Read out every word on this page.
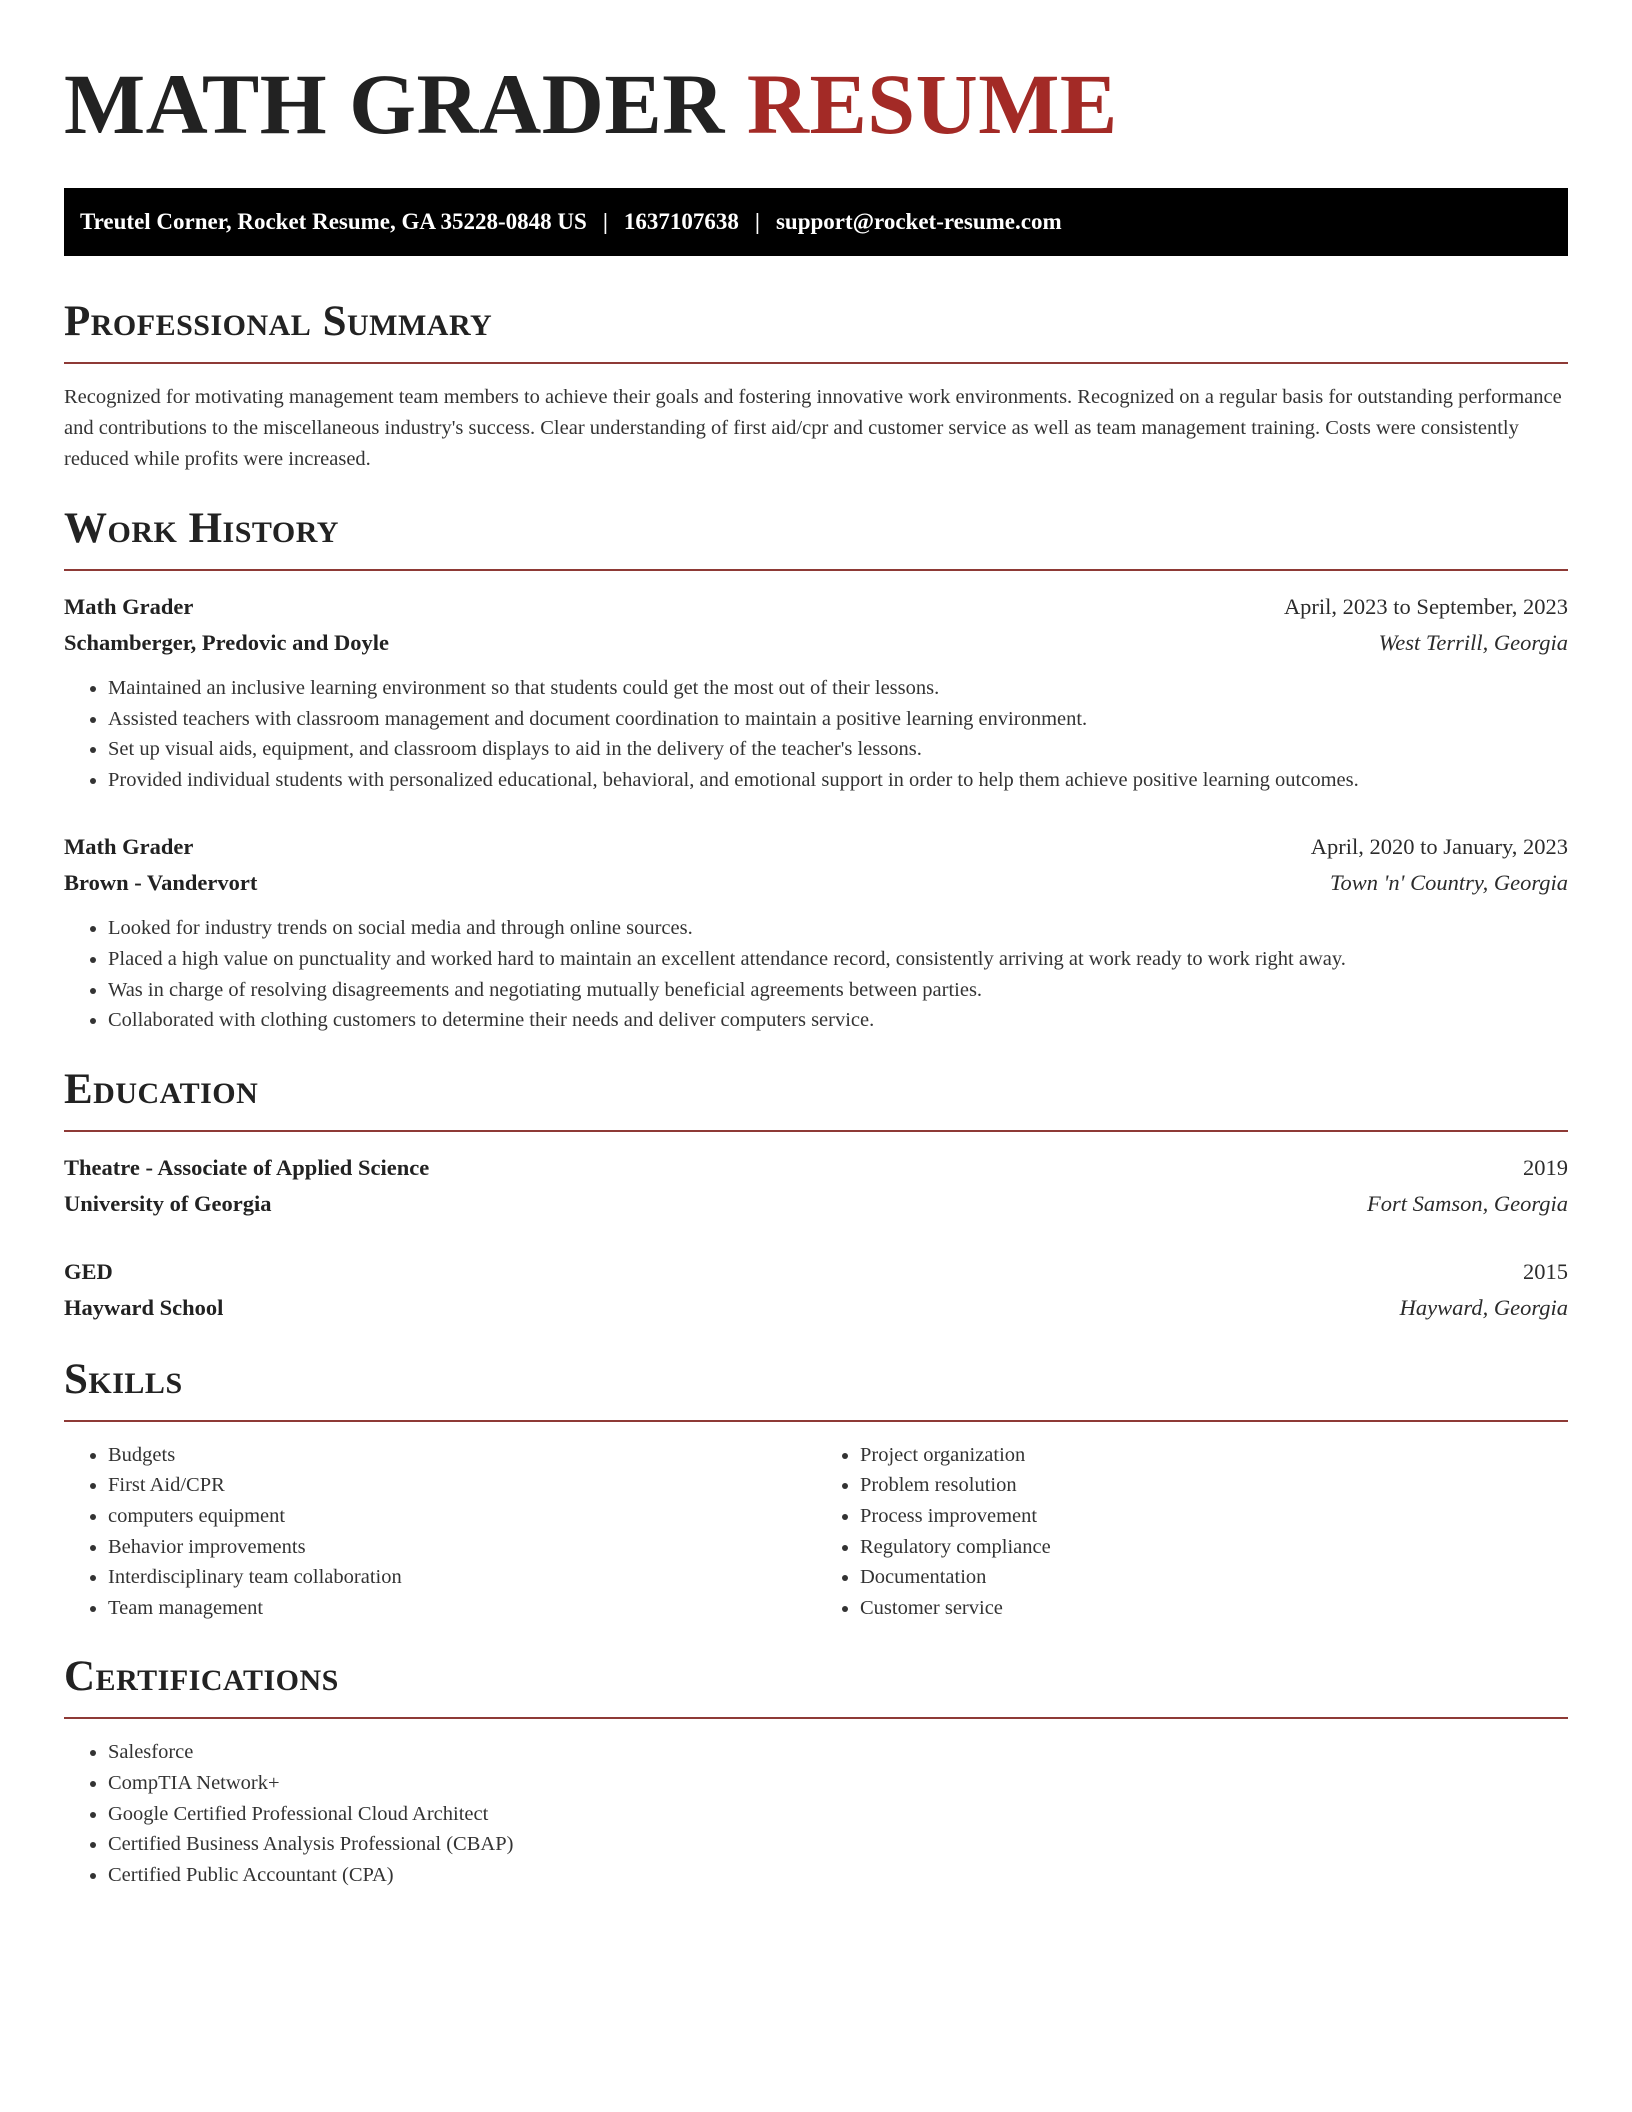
MATH GRADER RESUME
Treutel Corner, Rocket Resume, GA 35228-0848 US | 1637107638 | support@rocket-resume.com
Professional Summary

Recognized for motivating management team members to achieve their goals and fostering innovative work environments. Recognized on a regular basis for outstanding performance and contributions to the miscellaneous industry's success. Clear understanding of first aid/cpr and customer service as well as team management training. Costs were consistently reduced while profits were increased.

Work History
Math Grader	April, 2023 to September, 2023
Schamberger, Predovic and Doyle	West Terrill, Georgia
• Maintained an inclusive learning environment so that students could get the most out of their lessons.
• Assisted teachers with classroom management and document coordination to maintain a positive learning environment.
• Set up visual aids, equipment, and classroom displays to aid in the delivery of the teacher's lessons.
• Provided individual students with personalized educational, behavioral, and emotional support in order to help them achieve positive learning outcomes.
Math Grader	April, 2020 to January, 2023
Brown - Vandervort	Town 'n' Country, Georgia
• Looked for industry trends on social media and through online sources.
• Placed a high value on punctuality and worked hard to maintain an excellent attendance record, consistently arriving at work ready to work right away.
• Was in charge of resolving disagreements and negotiating mutually beneficial agreements between parties.
• Collaborated with clothing customers to determine their needs and deliver computers service.
Education
Theatre - Associate of Applied Science	2019
University of Georgia	Fort Samson, Georgia
GED	2015
Hayward School	Hayward, Georgia
Skills
• Budgets
• First Aid/CPR
• computers equipment
• Behavior improvements
• Interdisciplinary team collaboration
• Team management
• Project organization
• Problem resolution
• Process improvement
• Regulatory compliance
• Documentation
• Customer service
Certifications
• Salesforce
• CompTIA Network+
• Google Certified Professional Cloud Architect
• Certified Business Analysis Professional (CBAP)
• Certified Public Accountant (CPA)
